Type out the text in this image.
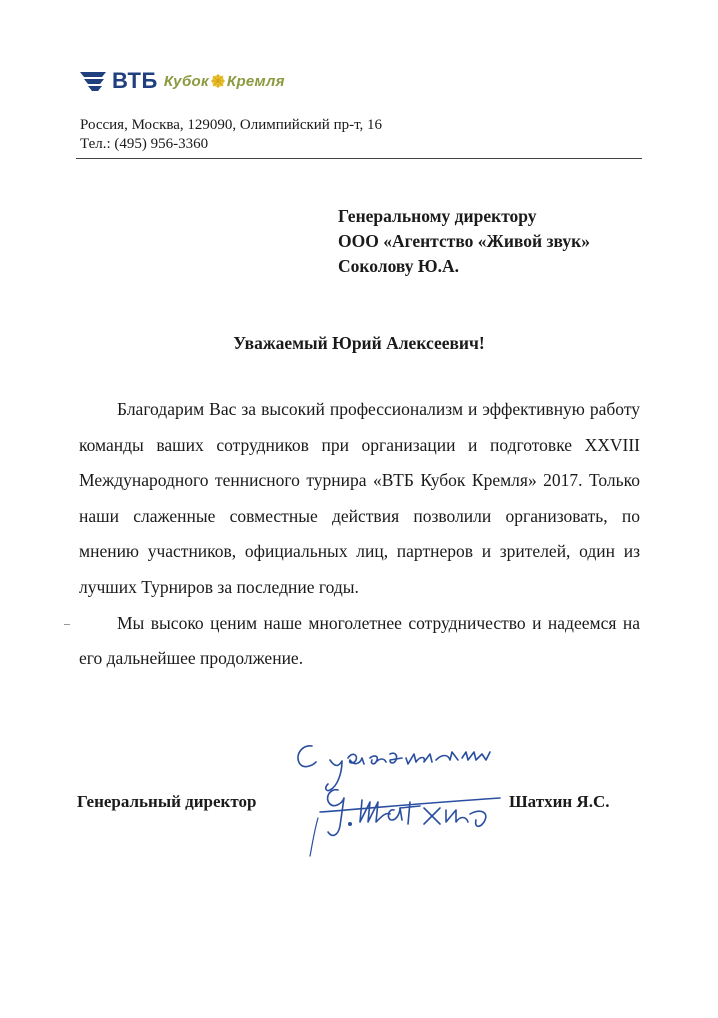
ВТБ Кубок Кремля
Россия, Москва, 129090, Олимпийский пр-т, 16
Тел.: (495) 956-3360
Генеральному директору
ООО «Агентство «Живой звук»
Соколову Ю.А.
Уважаемый Юрий Алексеевич!

Благодарим Вас за высокий профессионализм и эффективную работу команды ваших сотрудников при организации и подготовке XXVIII Международного теннисного турнира «ВТБ Кубок Кремля» 2017. Только наши слаженные совместные действия позволили организовать, по мнению участников, официальных лиц, партнеров и зрителей, один из лучших Турниров за последние годы.

Мы высоко ценим наше многолетнее сотрудничество и надеемся на его дальнейшее продолжение.

Генеральный директор	Шатхин Я.С.
